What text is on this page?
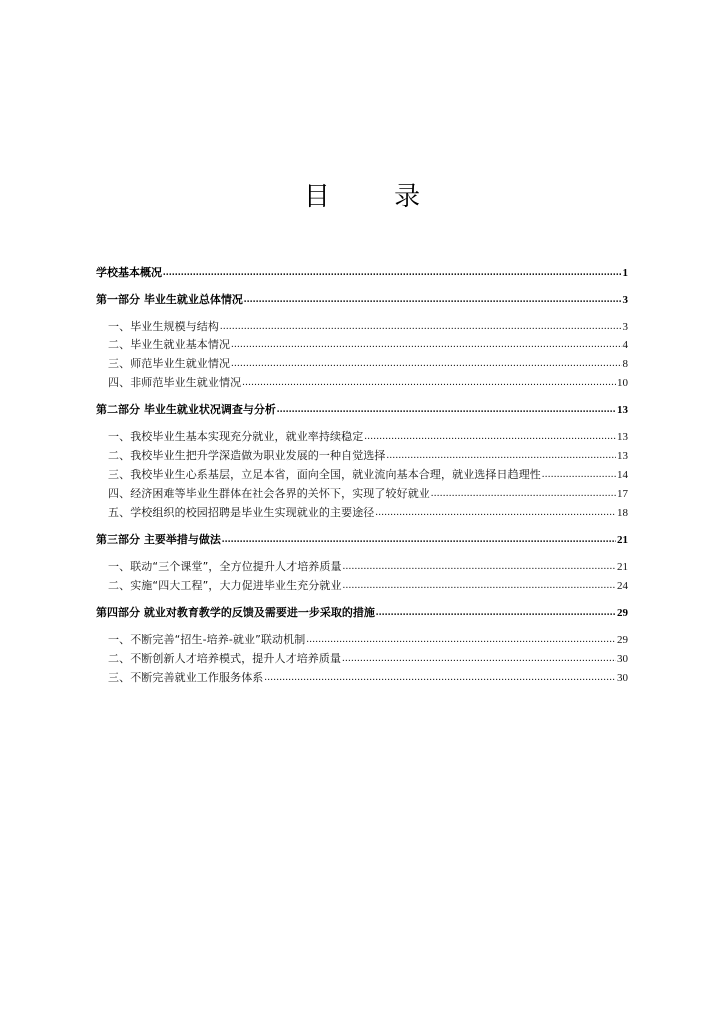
目 录
学校基本概况 .....	1
第一部分 毕业生就业总体情况 .....	3
一、毕业生规模与结构 .....	3
二、毕业生就业基本情况 .....	4
三、师范毕业生就业情况 .....	8
四、非师范毕业生就业情况 .....	10
第二部分 毕业生就业状况调查与分析 .....	13
一、我校毕业生基本实现充分就业，就业率持续稳定 .....	13
二、我校毕业生把升学深造做为职业发展的一种自觉选择 .....	13
三、我校毕业生心系基层，立足本省，面向全国，就业流向基本合理，就业选择日趋理性 .....	14
四、经济困难等毕业生群体在社会各界的关怀下，实现了较好就业 .....	17
五、学校组织的校园招聘是毕业生实现就业的主要途径 .....	18
第三部分 主要举措与做法 .....	21
一、联动“三个课堂”，全方位提升人才培养质量 .....	21
二、实施“四大工程”，大力促进毕业生充分就业 .....	24
第四部分 就业对教育教学的反馈及需要进一步采取的措施 .....	29
一、不断完善“招生-培养-就业”联动机制 .....	29
二、不断创新人才培养模式，提升人才培养质量 .....	30
三、不断完善就业工作服务体系 .....	30
